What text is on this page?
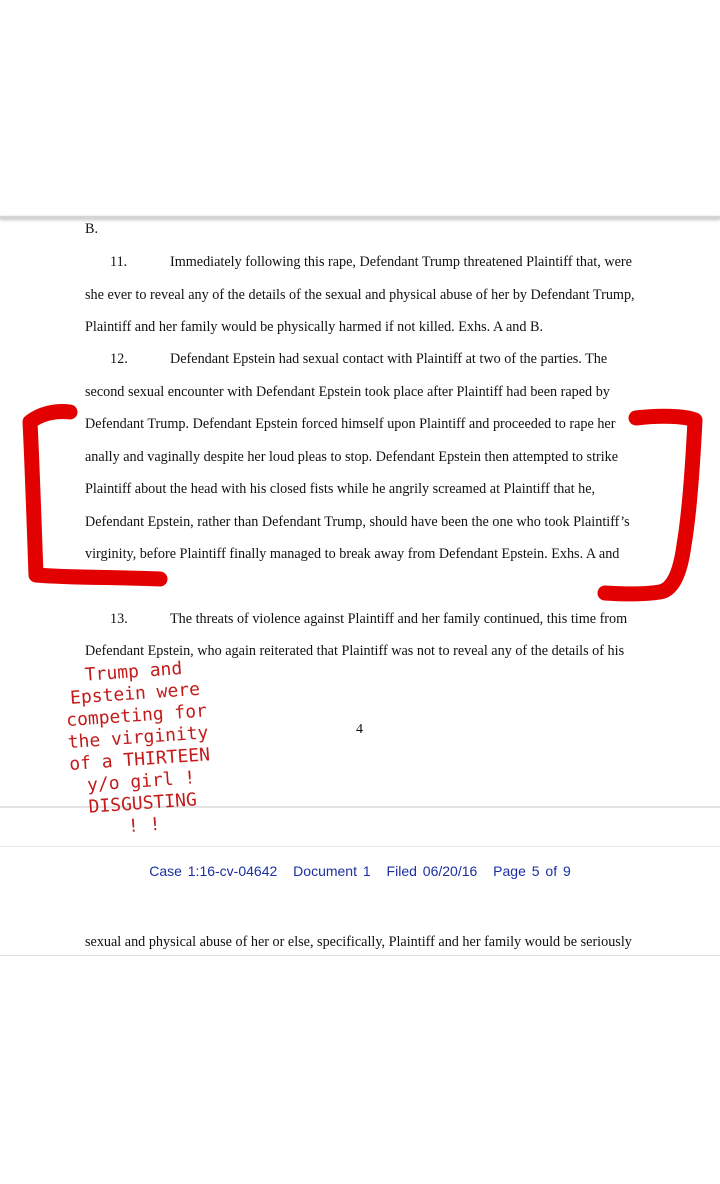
B.
11.	Immediately following this rape, Defendant Trump threatened Plaintiff that, were
she ever to reveal any of the details of the sexual and physical abuse of her by Defendant Trump,
Plaintiff and her family would be physically harmed if not killed. Exhs. A and B.
12.	Defendant Epstein had sexual contact with Plaintiff at two of the parties. The
second sexual encounter with Defendant Epstein took place after Plaintiff had been raped by
Defendant Trump. Defendant Epstein forced himself upon Plaintiff and proceeded to rape her
anally and vaginally despite her loud pleas to stop. Defendant Epstein then attempted to strike
Plaintiff about the head with his closed fists while he angrily screamed at Plaintiff that he,
Defendant Epstein, rather than Defendant Trump, should have been the one who took Plaintiff’s
virginity, before Plaintiff finally managed to break away from Defendant Epstein. Exhs. A and
13.	The threats of violence against Plaintiff and her family continued, this time from
Defendant Epstein, who again reiterated that Plaintiff was not to reveal any of the details of his
4
Case 1:16-cv-04642 Document 1 Filed 06/20/16 Page 5 of 9
sexual and physical abuse of her or else, specifically, Plaintiff and her family would be seriously
Trump and
Epstein were
competing for
the virginity
of a THIRTEEN
y/o girl !
DISGUSTING
! !
